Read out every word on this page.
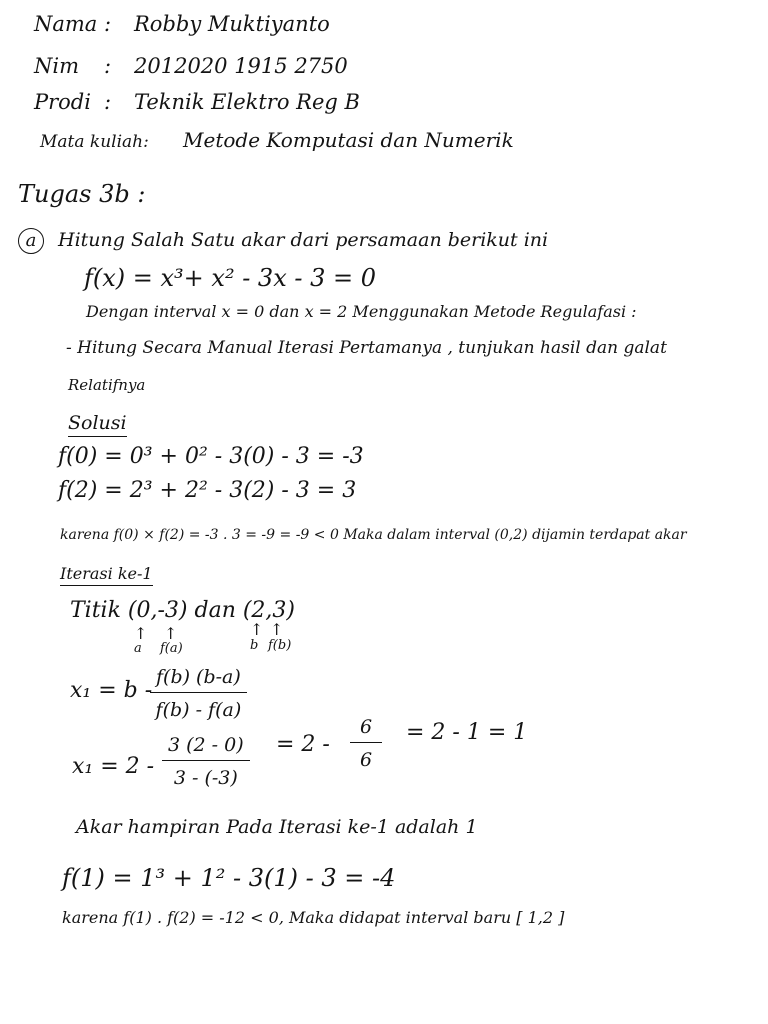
Nama : Robby Muktiyanto
Nim : 2012020 1915 2750
Prodi : Teknik Elektro Reg B
Mata kuliah: Metode Komputasi dan Numerik
Tugas 3b :
a Hitung Salah Satu akar dari persamaan berikut ini
f(x) = x³+ x² - 3x - 3 = 0
Dengan interval x = 0 dan x = 2 Menggunakan Metode Regulafasi :
- Hitung Secara Manual Iterasi Pertamanya , tunjukan hasil dan galat
Relatifnya
Solusi
f(0) = 0³ + 0² - 3(0) - 3 = -3
f(2) = 2³ + 2² - 3(2) - 3 = 3
karena f(0) × f(2) = -3 . 3 = -9 = -9 < 0 Maka dalam interval (0,2) dijamin terdapat akar
Iterasi ke-1
Titik (0,-3) dan (2,3)
↑ ↑	↑ ↑
a f(a)	b f(b)
x₁ = b -
$\frac{f(b) (b-a)}{f(b) - f(a)}$
$x_1 = 2 - \frac{3 (2 - 0)}{3 - (-3)} = 2 - \frac{6}{6} = 2 - 1 = 1$
Akar hampiran Pada Iterasi ke-1 adalah 1
f(1) = 1³ + 1² - 3(1) - 3 = -4
karena f(1) . f(2) = -12 < 0, Maka didapat interval baru [ 1,2 ]
